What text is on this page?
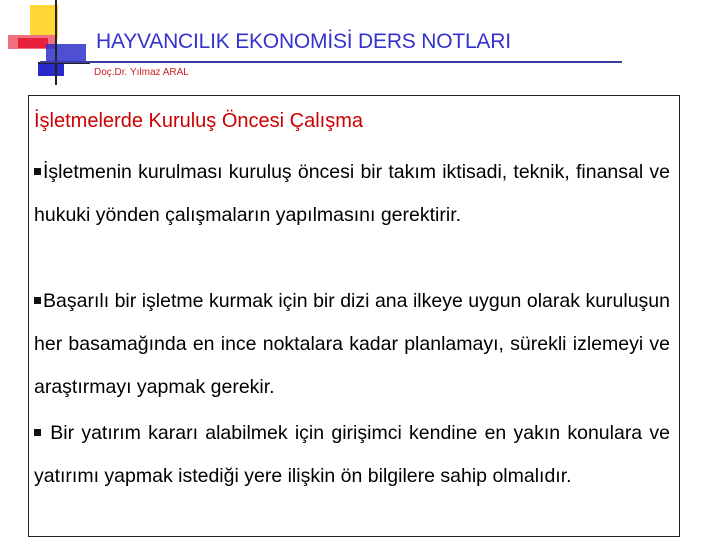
HAYVANCILIK EKONOMİSİ DERS NOTLARI
Doç.Dr. Yılmaz ARAL
İşletmelerde Kuruluş Öncesi Çalışma
İşletmenin kurulması kuruluş öncesi bir takım iktisadi, teknik, finansal ve hukuki yönden çalışmaların yapılmasını gerektirir.
Başarılı bir işletme kurmak için bir dizi ana ilkeye uygun olarak kuruluşun her basamağında en ince noktalara kadar planlamayı, sürekli izlemeyi ve araştırmayı yapmak gerekir.
Bir yatırım kararı alabilmek için girişimci kendine en yakın konulara ve yatırımı yapmak istediği yere ilişkin ön bilgilere sahip olmalıdır.
